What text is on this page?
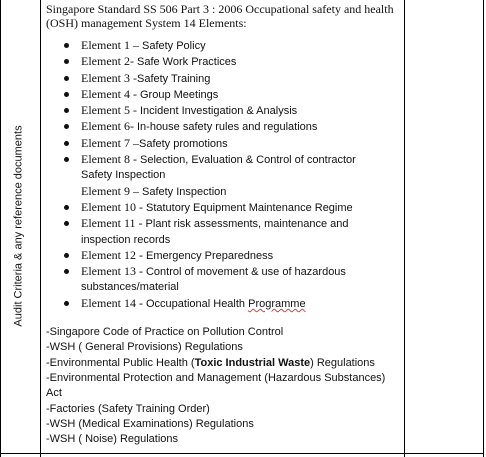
Audit Criteria & any reference documents
Singapore Standard SS 506 Part 3 : 2006 Occupational safety and health (OSH) management System 14 Elements:
Element 1 – Safety Policy
Element 2- Safe Work Practices
Element 3 -Safety Training
Element 4 - Group Meetings
Element 5 - Incident Investigation & Analysis
Element 6- In-house safety rules and regulations
Element 7 –Safety promotions
Element 8 - Selection, Evaluation & Control of contractor
Safety Inspection
Element 9 – Safety Inspection
Element 10 - Statutory Equipment Maintenance Regime
Element 11 - Plant risk assessments, maintenance and inspection records
Element 12 - Emergency Preparedness
Element 13 - Control of movement & use of hazardous substances/material
Element 14 - Occupational Health Programme
-Singapore Code of Practice on Pollution Control
-WSH ( General Provisions) Regulations
-Environmental Public Health (Toxic Industrial Waste) Regulations
-Environmental Protection and Management (Hazardous Substances) Act
-Factories (Safety Training Order)
-WSH (Medical Examinations) Regulations
-WSH ( Noise) Regulations
